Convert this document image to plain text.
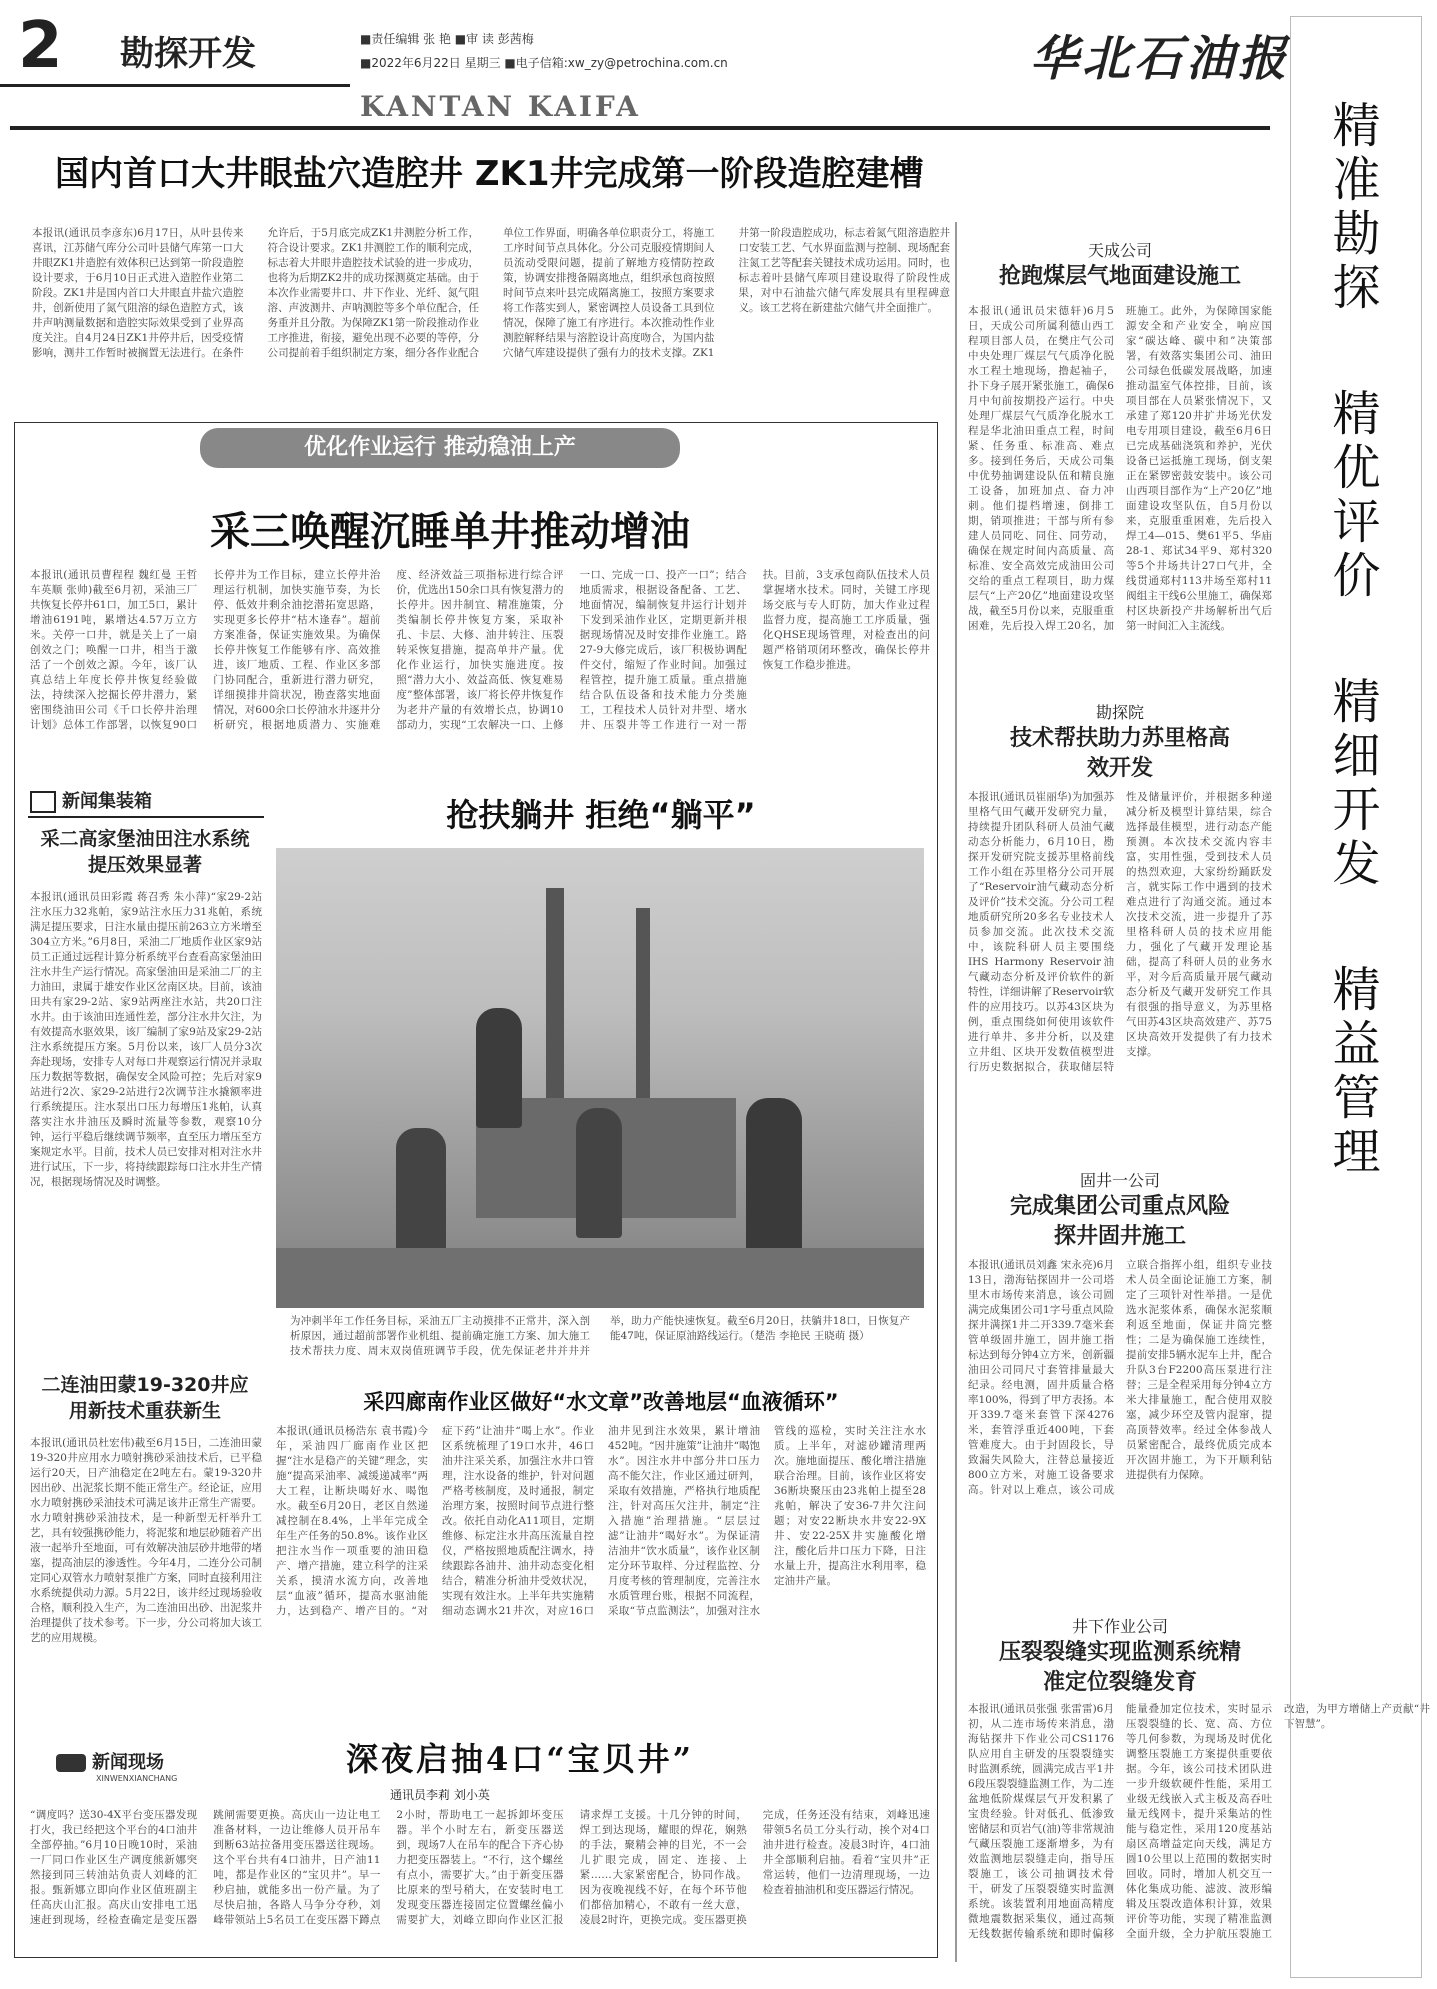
2 勘探开发	■责任编辑 张 艳 ■审 读 彭茜梅
■2022年6月22日 星期三 ■电子信箱:xw_zy@petrochina.com.cn
KANTAN KAIFA
华北石油报
国内首口大井眼盐穴造腔井 ZK1井完成第一阶段造腔建槽
本报讯(通讯员李彦东)6月17日，从叶县传来喜讯，江苏储气库分公司叶县储气库第一口大井眼ZK1井造腔有效体积已达到第一阶段造腔设计要求，于6月10日正式进入造腔作业第二阶段。ZK1井是国内首口大井眼直井盐穴造腔井，创新使用了氮气阻溶的绿色造腔方式，该井声呐测量数据和造腔实际效果受到了业界高度关注。自4月24日ZK1井停井后，因受疫情影响，测井工作暂时被搁置无法进行。在条件允许后，于5月底完成ZK1井测腔分析工作，符合设计要求。ZK1井测腔工作的顺利完成，标志着大井眼井造腔技术试验的进一步成功，也将为后期ZK2井的成功探测奠定基础。由于本次作业需要井口、井下作业、光纤、氮气阻溶、声波测井、声呐测腔等多个单位配合，任务重并且分散。为保障ZK1第一阶段推动作业工序推进，衔接，避免出现不必要的等停，分公司提前着手组织制定方案，细分各作业配合单位工作界面，明确各单位职责分工，将施工工序时间节点具体化。分公司克服疫情期间人员流动受限问题，提前了解地方疫情防控政策，协调安排搜备隔离地点，组织承包商按照时间节点来叶县完成隔离施工，按照方案要求将工作落实到人，紧密调控人员设备工具到位情况，保障了施工有序进行。本次推动性作业测腔解释结果与溶腔设计高度吻合，为国内盐穴储气库建设提供了强有力的技术支撑。ZK1井第一阶段造腔成功，标志着氮气阻溶造腔井口安装工艺、气水界面监测与控制、现场配套注氮工艺等配套关键技术成功运用。同时，也标志着叶县储气库项目建设取得了阶段性成果，对中石油盐穴储气库发展具有里程碑意义。该工艺将在新建盐穴储气井全面推广。
优化作业运行 推动稳油上产
采三唤醒沉睡单井推动增油
本报讯(通讯员曹程程 魏红曼 王哲 车英顺 张帅)截至6月初，采油三厂共恢复长停井61口，加工5口，累计增油6191吨，累增达4.57万立方米。关停一口井，就是关上了一扇创效之门；唤醒一口井，相当于激活了一个创效之源。今年，该厂认真总结上年度长停井恢复经验做法，持续深入挖掘长停井潜力，紧密围绕油田公司《千口长停井治理计划》总体工作部署，以恢复90口长停井为工作目标，建立长停井治理运行机制，加快实施节奏，为长停、低效井剩余油挖潜拓宽思路，实现更多长停井“枯木逢春”。超前方案准备，保证实施效果。为确保长停井恢复工作能够有序、高效推进，该厂地质、工程、作业区多部门协同配合，重新进行潜力研究，详细摸排井筒状况，勘查落实地面情况，对600余口长停油水井逐井分析研究，根据地质潜力、实施难度、经济效益三项指标进行综合评价，优选出150余口具有恢复潜力的长停井。因井制宜、精准施策，分类编制长停井恢复方案，采取补孔、卡层、大修、油井转注、压裂转采恢复措施，提高单井产量。优化作业运行，加快实施进度。按照“潜力大小、效益高低、恢复难易度”整体部署，该厂将长停井恢复作为老井产量的有效增长点，协调10部动力，实现“工农解决一口、上修一口、完成一口、投产一口”；结合地质需求，根据设备配备、工艺、地面情况，编制恢复井运行计划并下发到采油作业区，定期更新并根据现场情况及时安排作业施工。路27-9大修完成后，该厂积极协调配件交付，缩短了作业时间。加强过程管控，提升施工质量。重点措施结合队伍设备和技术能力分类施工，工程技术人员针对井型、堵水井、压裂井等工作进行一对一帮扶。目前，3支承包商队伍技术人员掌握堵水技术。同时，关键工序现场交底与专人盯防，加大作业过程监督力度，提高施工工序质量，强化QHSE现场管理，对检查出的问题严格销项闭环整改，确保长停井恢复工作稳步推进。
新闻集装箱
采二高家堡油田注水系统提压效果显著
本报讯(通讯员田彩霞 蒋召秀 朱小萍)“家29-2站注水压力32兆帕，家9站注水压力31兆帕，系统满足提压要求，日注水量由提压前263立方米增至304立方米。”6月8日，采油二厂地质作业区家9站员工正通过远程计算分析系统平台查看高家堡油田注水井生产运行情况。高家堡油田是采油二厂的主力油田，隶属于雄安作业区岔南区块。目前，该油田共有家29-2站、家9站两座注水站，共20口注水井。由于该油田连通性差，部分注水井欠注，为有效提高水驱效果，该厂编制了家9站及家29-2站注水系统提压方案。5月份以来，该厂人员分3次奔赴现场，安排专人对每口井观察运行情况并录取压力数据等数据，确保安全风险可控；先后对家9站进行2次、家29-2站进行2次调节注水撬额率进行系统提压。注水泵出口压力每增压1兆帕，认真落实注水井油压及瞬时流量等参数，观察10分钟，运行平稳后继续调节频率，直至压力增压至方案规定水平。目前，技术人员已安排对相对注水井进行试压，下一步，将持续跟踪每口注水井生产情况，根据现场情况及时调整。
二连油田蒙19-320井应用新技术重获新生
本报讯(通讯员杜宏伟)截至6月15日，二连油田蒙19-320井应用水力喷射携砂采油技术后，已平稳运行20天，日产油稳定在2吨左右。蒙19-320井因出砂、出泥浆长期不能正常生产。经论证，应用水力喷射携砂采油技术可满足该井正常生产需要。水力喷射携砂采油技术，是一种新型无杆举升工艺，具有较强携砂能力，将泥浆和地层砂随着产出液一起举升至地面，可有效解决油层砂井地带的堵塞，提高油层的渗透性。今年4月，二连分公司制定同心双管水力喷射泵推广方案，同时直接利用注水系统提供动力源。5月22日，该井经过现场验收合格，顺利投入生产，为二连油田出砂、出泥浆井治理提供了技术参考。下一步，分公司将加大该工艺的应用规模。
抢扶躺井 拒绝“躺平”
为冲刺半年工作任务目标，采油五厂主动摸排不正常井，深入剖析原因，通过超前部署作业机组、提前确定施工方案、加大施工技术帮扶力度、周末双岗值班调节手段，优先保证老井并井并举，助力产能快速恢复。截至6月20日，扶躺井18口，日恢复产能47吨，保证原油路线运行。（楚浩 李艳民 王晓萌 摄）
采四廊南作业区做好“水文章”改善地层“血液循环”
本报讯(通讯员杨浩东 袁书霞)今年，采油四厂廊南作业区把握“注水是稳产的关键”理念，实施“提高采油率、减缓递减率”两大工程，让断块喝好水、喝饱水。截至6月20日，老区自然递减控制在8.4%，上半年完成全年生产任务的50.8%。该作业区把注水当作一项重要的油田稳产、增产措施，建立科学的注采关系，摸清水流方向，改善地层“血液”循环，提高水驱油能力，达到稳产、增产目的。“对症下药”让油井“喝上水”。作业区系统梳理了19口水井，46口油井注采关系，加强注水井口管理，注水设备的维护，针对问题严格考核制度，及时通报，制定治理方案，按照时间节点进行整改。依托自动化A11项目，定期维修、标定注水井高压流量自控仪，严格按照地质配注调水，持续跟踪各油井、油井动态变化相结合，精准分析油井受效状况，实现有效注水。上半年共实施精细动态调水21井次，对应16口油井见到注水效果，累计增油452吨。“因井施策”让油井“喝饱水”。因注水井中部分井口压力高不能欠注，作业区通过研判，采取有效措施，严格执行地质配注，针对高压欠注井，制定“注入措施”治理措施。“层层过滤”让油井“喝好水”。为保证清洁油井“饮水质量”，该作业区制定分环节取样、分过程监控、分月度考核的管理制度，完善注水水质管理台账，根据不同流程，采取“节点监测法”，加强对注水管线的巡检，实时关注注水水质。上半年，对滤砂罐清理两次。施地面提压、酸化增注措施联合治理。目前，该作业区将安36断块聚压由23兆帕上提至28兆帕，解决了安36-7井欠注问题；对安22断块水井安22-9X井、安22-25X井实施酸化增注，酸化后井口压力下降，日注水量上升，提高注水利用率，稳定油井产量。
新闻现场
XINWENXIANCHANG
深夜启抽4口“宝贝井”
通讯员李莉 刘小英
“调度吗？送30-4X平台变压器发现打火，我已经把这个平台的4口油井全部停抽。”6月10日晚10时，采油一厂同口作业区生产调度熊新娜突然接到同三转油站负责人刘峰的汇报。甄新娜立即向作业区值班副主任高庆山汇报。高庆山安排电工迅速赶到现场，经检查确定是变压器跳闸需要更换。高庆山一边让电工准备材料，一边让维修人员开吊车到断63站拉备用变压器送往现场。这个平台共有4口油井，日产油11吨，都是作业区的“宝贝井”。早一秒启抽，就能多出一份产量。为了尽快启抽，各路人马争分夺秒，刘峰带领站上5名员工在变压器下蹲点2小时，帮助电工一起拆卸坏变压器。半个小时左右，新变压器送到，现场7人在吊车的配合下齐心协力把变压器装上。“不行，这个螺丝有点小，需要扩大。”由于新变压器比原来的型号稍大，在安装时电工发现变压器连接固定位置螺丝偏小需要扩大，刘峰立即向作业区汇报请求焊工支援。十几分钟的时间，焊工到达现场，耀眼的焊花，娴熟的手法，聚精会神的目光，不一会儿扩眼完成，固定、连接、上紧……大家紧密配合，协同作战。因为夜晚视线不好，在每个环节他们都倍加精心，不敢有一丝大意，凌晨2时许，更换完成。变压器更换完成，任务还没有结束，刘峰迅速带领5名员工分头行动，挨个对4口油井进行检查。凌晨3时许，4口油井全部顺利启抽。看着“宝贝井”正常运转，他们一边清理现场，一边检查着抽油机和变压器运行情况。
天成公司
抢跑煤层气地面建设施工
本报讯(通讯员宋德轩)6月5日，天成公司所属利德山西工程项目部人员，在樊庄气公司中央处理厂煤层气气质净化脱水工程土地现场，撸起袖子，扑下身子展开紧张施工，确保6月中旬前按期投产运行。中央处理厂煤层气气质净化脱水工程是华北油田重点工程，时间紧、任务重、标准高、难点多。接到任务后，天成公司集中优势抽调建设队伍和精良施工设备，加班加点、奋力冲刺。他们提档增速，倒排工期，销项推进；干部与所有参建人员同吃、同住、同劳动，确保在规定时间内高质量、高标准、安全高效完成油田公司交给的重点工程项目，助力煤层气“上产20亿”地面建设攻坚战，截至5月份以来，克服重重困难，先后投入焊工20名，加班施工。此外，为保障国家能源安全和产业安全，响应国家“碳达峰、碳中和”决策部署，有效落实集团公司、油田公司绿色低碳发展战略，加速推动温室气体控排，目前，该项目部在人员紧张情况下，又承建了郑120井扩井场光伏发电专用项目建设，截至6月6日已完成基础浇筑和养护，光伏设备已运抵施工现场，倒支架正在紧锣密鼓安装中。该公司山西项目部作为“上产20亿”地面建设攻坚队伍，自5月份以来，克服重重困难，先后投入焊工4—015、樊61平5、华庙28-1、郑试34平9、郑村320等5个井场共计27口气井，全线贯通郑村113井场至郑村11阀组主干线6公里施工，确保郑村区块新投产井场解析出气后第一时间汇入主流线。
勘探院
技术帮扶助力苏里格高效开发
本报讯(通讯员崔丽华)为加强苏里格气田气藏开发研究力量，持续提升团队科研人员油气藏动态分析能力，6月10日，勘探开发研究院支援苏里格前线工作小组在苏里格分公司开展了“Reservoir油气藏动态分析及评价”技术交流。分公司工程地质研究所20多名专业技术人员参加交流。此次技术交流中，该院科研人员主要围绕IHS Harmony Reservoir油气藏动态分析及评价软件的新特性，详细讲解了Reservoir软件的应用技巧。以苏43区块为例，重点围绕如何使用该软件进行单井、多井分析，以及建立井组、区块开发数值模型进行历史数据拟合，获取储层特性及储量评价，并根据多种递减分析及模型计算结果，综合选择最佳模型，进行动态产能预测。本次技术交流内容丰富，实用性强，受到技术人员的热烈欢迎，大家纷纷踊跃发言，就实际工作中遇到的技术难点进行了沟通交流。通过本次技术交流，进一步提升了苏里格科研人员的技术应用能力，强化了气藏开发理论基础，提高了科研人员的业务水平，对今后高质量开展气藏动态分析及气藏开发研究工作具有很强的指导意义，为苏里格气田苏43区块高效建产、苏75区块高效开发提供了有力技术支撑。
固井一公司
完成集团公司重点风险探井固井施工
本报讯(通讯员刘鑫 宋永亮)6月13日，渤海钻探固井一公司塔里木市场传来消息，该公司圆满完成集团公司1字号重点风险探井满探1井二开339.7毫米套管单级固井施工，固井施工指标达到每分钟4立方米，创新疆油田公司同尺寸套管排量最大纪录。经电测，固井质量合格率100%，得到了甲方表扬。本开339.7毫米套管下深4276米，套管浮重近400吨，下套管难度大。由于封固段长，导致漏失风险大，注替总量接近800立方米，对施工设备要求高。针对以上难点，该公司成立联合指挥小组，组织专业技术人员全面论证施工方案，制定了三项针对性举措。一是优选水泥浆体系，确保水泥浆顺利返至地面，保证井筒完整性；二是为确保施工连续性，提前安排5辆水泥车上井，配合升队3台F2200高压泵进行注替；三是全程采用每分钟4立方米大排量施工，配合使用双胶塞，减少环空及管内混窜，提高顶替效率。经过全体参战人员紧密配合，最终优质完成本开次固井施工，为下开顺利钻进提供有力保障。
井下作业公司
压裂裂缝实现监测系统精准定位裂缝发育
本报讯(通讯员张强 张雷雷)6月初，从二连市场传来消息，渤海钻探井下作业公司CS1176队应用自主研发的压裂裂缝实时监测系统，圆满完成吉平1井6段压裂裂缝监测工作，为二连盆地低阶煤煤层气开发积累了宝贵经验。针对低孔、低渗致密储层和页岩气(油)等非常规油气藏压裂施工逐渐增多，为有效监测地层裂缝走向，指导压裂施工，该公司抽调技术骨干，研发了压裂裂缝实时监测系统。该装置利用地面高精度微地震数据采集仪，通过高频无线数据传输系统和即时偏移能量叠加定位技术，实时显示压裂裂缝的长、宽、高、方位等几何参数，为现场及时优化调整压裂施工方案提供重要依据。今年，该公司技术团队进一步升级软硬件性能，采用工业级无线嵌入式主板及高吞吐量无线网卡，提升采集站的性能与稳定性，采用120度基站扇区高增益定向天线，满足方圆10公里以上范围的数据实时回收。同时，增加人机交互一体化集成功能、滤波、波形编辑及压裂改造体积计算，效果评价等功能，实现了精准监测全面升级，全力护航压裂施工改造，为甲方增储上产贡献“井下智慧”。
精准勘探
精优评价
精细开发
精益管理
